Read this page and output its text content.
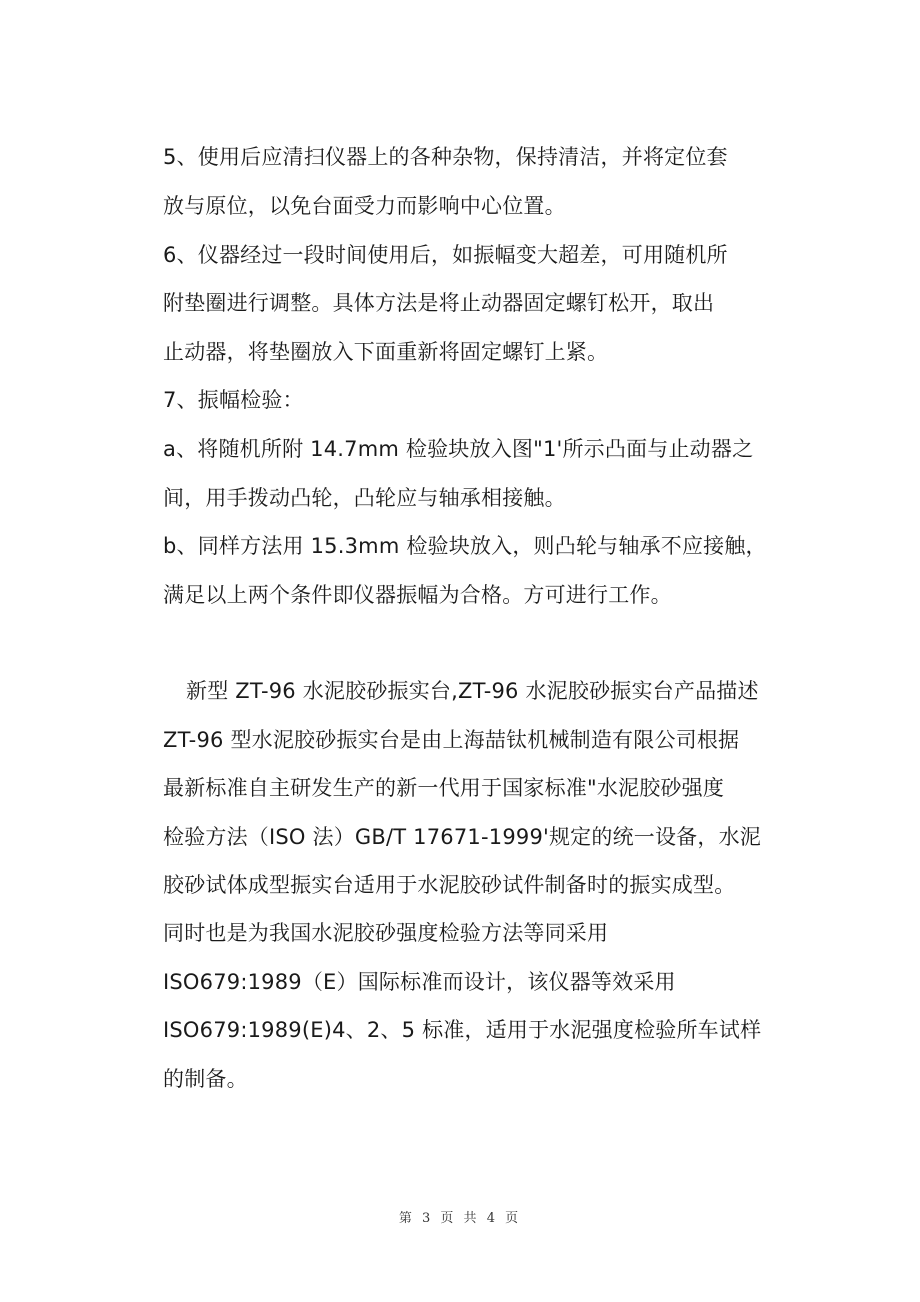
5、使用后应清扫仪器上的各种杂物，保持清洁，并将定位套
放与原位，以免台面受力而影响中心位置。
6、仪器经过一段时间使用后，如振幅变大超差，可用随机所
附垫圈进行调整。具体方法是将止动器固定螺钉松开，取出
止动器，将垫圈放入下面重新将固定螺钉上紧。
7、振幅检验：
a、将随机所附 14.7mm 检验块放入图"1'所示凸面与止动器之
间，用手拨动凸轮，凸轮应与轴承相接触。
b、同样方法用 15.3mm 检验块放入，则凸轮与轴承不应接触，
满足以上两个条件即仪器振幅为合格。方可进行工作。
新型 ZT-96 水泥胶砂振实台,ZT-96 水泥胶砂振实台产品描述
ZT-96 型水泥胶砂振实台是由上海喆钛机械制造有限公司根据
最新标准自主研发生产的新一代用于国家标准"水泥胶砂强度
检验方法（ISO 法）GB/T 17671-1999'规定的统一设备，水泥
胶砂试体成型振实台适用于水泥胶砂试件制备时的振实成型。
同时也是为我国水泥胶砂强度检验方法等同采用
ISO679:1989（E）国际标准而设计，该仪器等效采用
ISO679:1989(E)4、2、5 标准，适用于水泥强度检验所车试样
的制备。
第 3 页 共 4 页
